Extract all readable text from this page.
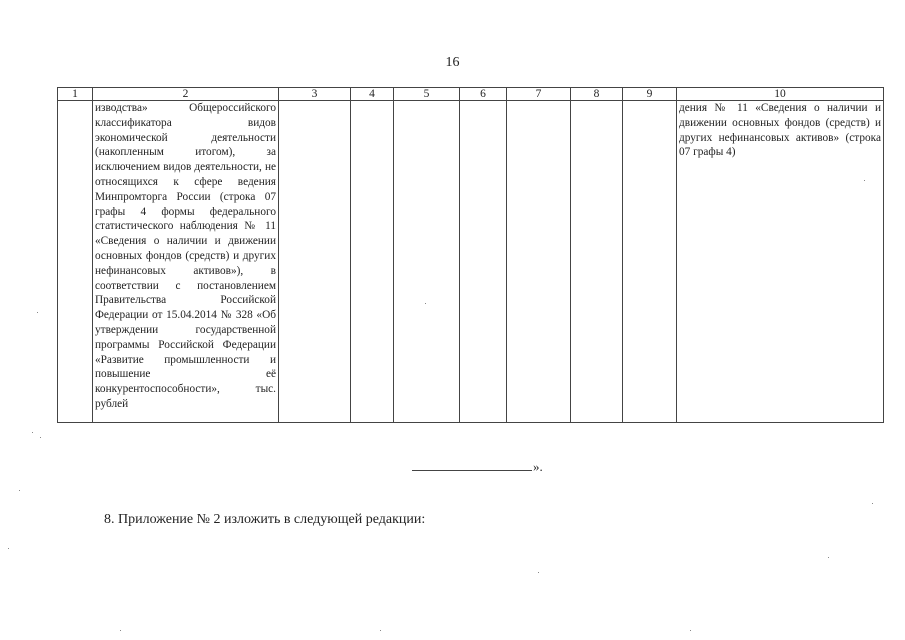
16
1	2	3	4	5	6	7	8	9	10
	изводства» Общероссийского классификатора видов экономической деятельности (накопленным итогом), за исключением видов деятельности, не относящихся к сфере ведения Минпромторга России (строка 07 графы 4 формы федерального статистического наблюдения № 11 «Сведения о наличии и движении основных фондов (средств) и других нефинансовых активов»), в соответствии с постановлением Правительства Российской Федерации от 15.04.2014 № 328 «Об утверждении государственной программы Российской Федерации «Развитие промышленности и повышение её конкурентоспособности», тыс. рублей								дения № 11 «Сведения о наличии и движении основных фондов (средств) и других нефинансовых активов» (строка 07 графы 4)
».
8. Приложение № 2 изложить в следующей редакции:
